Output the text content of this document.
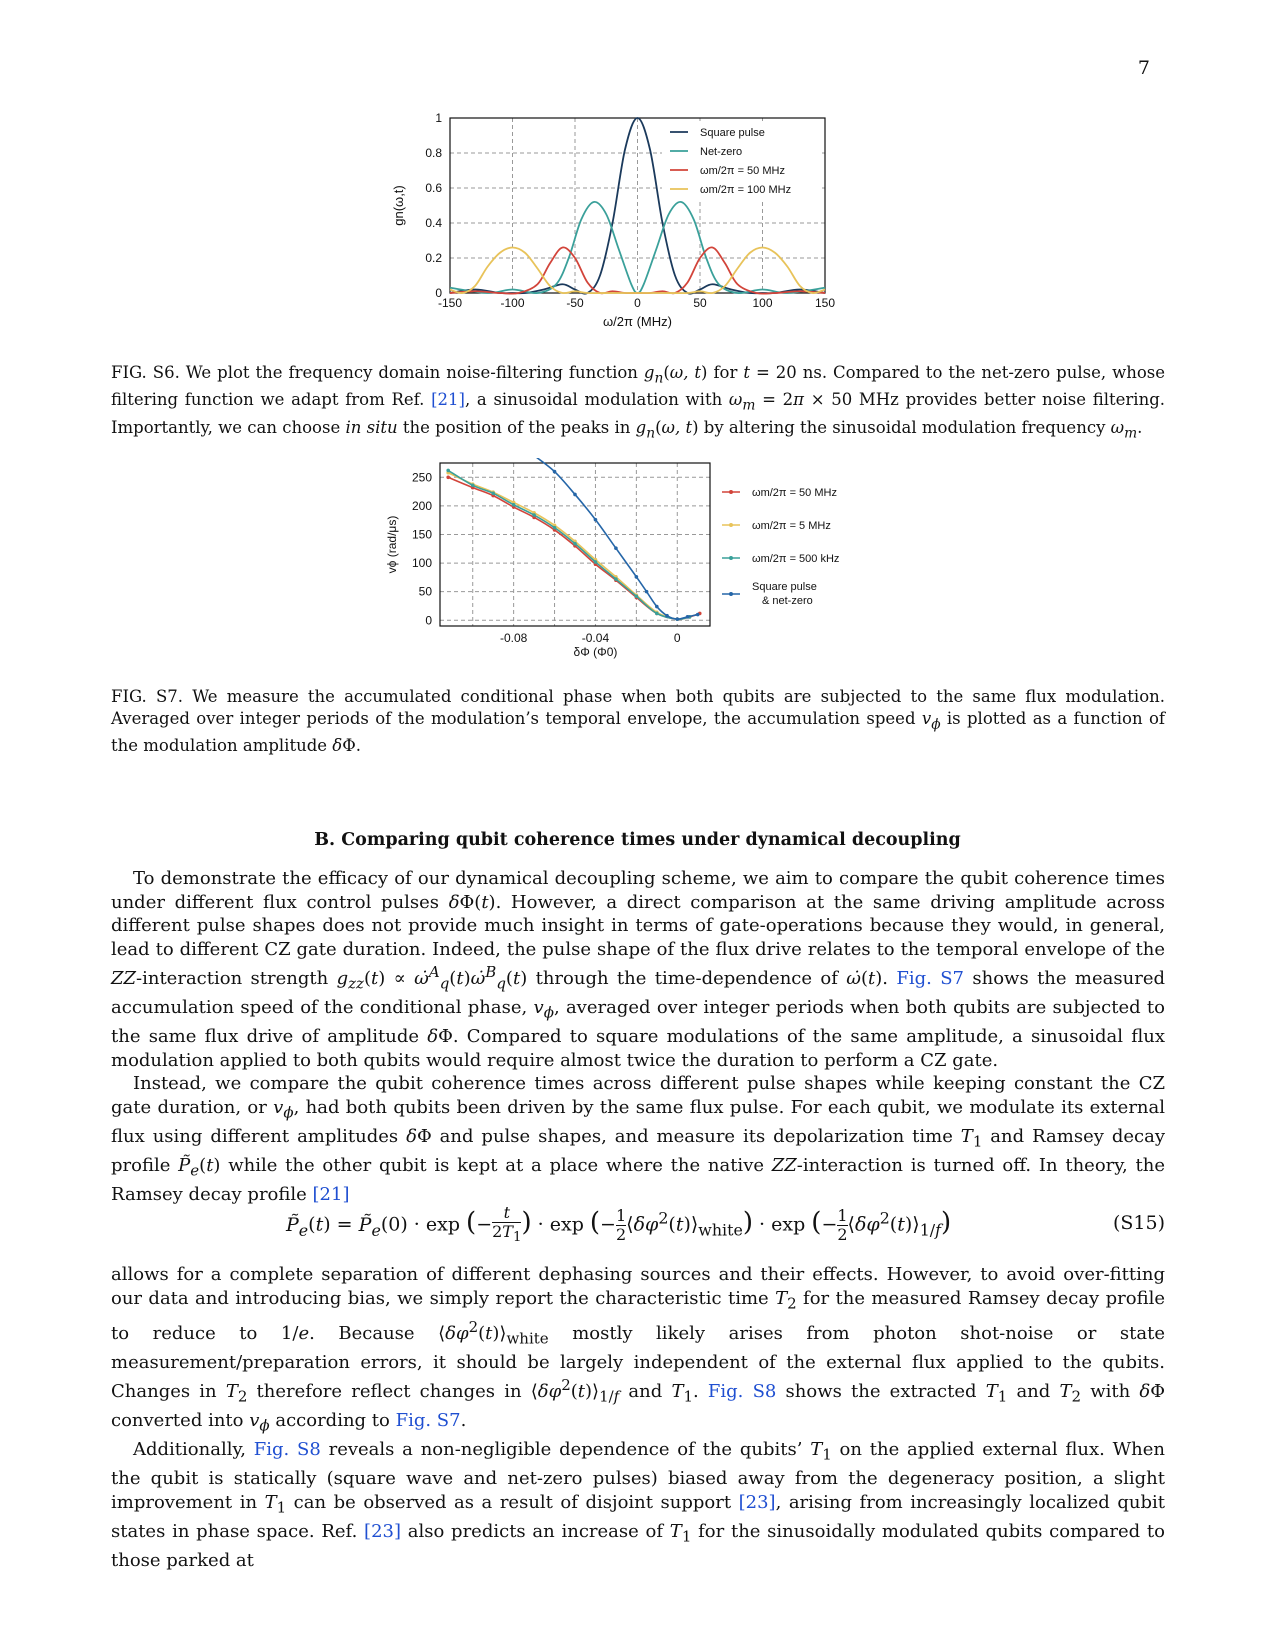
7
-150	-100	-50	0	50	100	150
0
0.2
0.4
0.6
0.8
1
ω/2π (MHz)
gn(ω,t)
Square pulse
Net-zero
ωm/2π = 50 MHz
ωm/2π = 100 MHz
FIG. S6. We plot the frequency domain noise-filtering function $g_n(\omega$, t) for t = 20 ns. Compared to the net-zero pulse, whose filtering function we adapt from Ref. [21], a sinusoidal modulation with $\omega_m = 2\pi \times 50$ MHz provides better noise filtering. Importantly, we can choose in situ the position of the peaks in $g_n(\omega$, t) by altering the sinusoidal modulation frequency $\omega_m$.
-0.08	-0.04	0
0
50
100
150
200
250
δΦ (Φ0)
vϕ (rad/μs)
ωm/2π = 50 MHz
ωm/2π = 5 MHz
ωm/2π = 500 kHz
Square pulse
& net-zero
FIG. S7. We measure the accumulated conditional phase when both qubits are subjected to the same flux modulation. Averaged over integer periods of the modulation’s temporal envelope, the accumulation speed $v_\phi$ is plotted as a function of the modulation amplitude δΦ.
B. Comparing qubit coherence times under dynamical decoupling

To demonstrate the efficacy of our dynamical decoupling scheme, we aim to compare the qubit coherence times under different flux control pulses δΦ(t). However, a direct comparison at the same driving amplitude across different pulse shapes does not provide much insight in terms of gate-operations because they would, in general, lead to different CZ gate duration. Indeed, the pulse shape of the flux drive relates to the temporal envelope of the ZZ-interaction strength $g_{zz}(t)$ ∝ ω̇$^A_q$(t)ω̇$^B_q$(t) through the time-dependence of ω̇(t). Fig. S7 shows the measured accumulation speed of the conditional phase, $v_\phi$, averaged over integer periods when both qubits are subjected to the same flux drive of amplitude δΦ. Compared to square modulations of the same amplitude, a sinusoidal flux modulation applied to both qubits would require almost twice the duration to perform a CZ gate.

Instead, we compare the qubit coherence times across different pulse shapes while keeping constant the CZ gate duration, or $v_\phi$, had both qubits been driven by the same flux pulse. For each qubit, we modulate its external flux using different amplitudes δΦ and pulse shapes, and measure its depolarization time $T_1$ and Ramsey decay profile $P̃_e(t)$ while the other qubit is kept at a place where the native ZZ-interaction is turned off. In theory, the Ramsey decay profile [21]

$P̃_e(t)$ = $P̃_e(0) \cdot \exp (-\frac{t}{2T_1}$ ) · exp (−1

2 $⟨\delta\varphi^2(t)⟩_{white}) \cdot \exp (-1$

2 $⟨\delta\varphi^2(t)⟩_{1/f}$)	(S15)

allows for a complete separation of different dephasing sources and their effects. However, to avoid over-fitting our data and introducing bias, we simply report the characteristic time $T_2$ for the measured Ramsey decay profile to reduce to 1/e. Because $⟨\delta\varphi^2(t)⟩_{white}$ mostly likely arises from photon shot-noise or state measurement/preparation errors, it should be largely independent of the external flux applied to the qubits. Changes in $T_2$ therefore reflect changes in $⟨\delta\varphi^2(t)⟩_{1/f}$ and $T_1$. Fig. S8 shows the extracted $T_1$ and $T_2$ with δΦ converted into $v_\phi$ according to Fig. S7.

Additionally, Fig. S8 reveals a non-negligible dependence of the qubits’ $T_1$ on the applied external flux. When the qubit is statically (square wave and net-zero pulses) biased away from the degeneracy position, a slight improvement in $T_1$ can be observed as a result of disjoint support [23], arising from increasingly localized qubit states in phase space. Ref. [23] also predicts an increase of $T_1$ for the sinusoidally modulated qubits compared to those parked at
